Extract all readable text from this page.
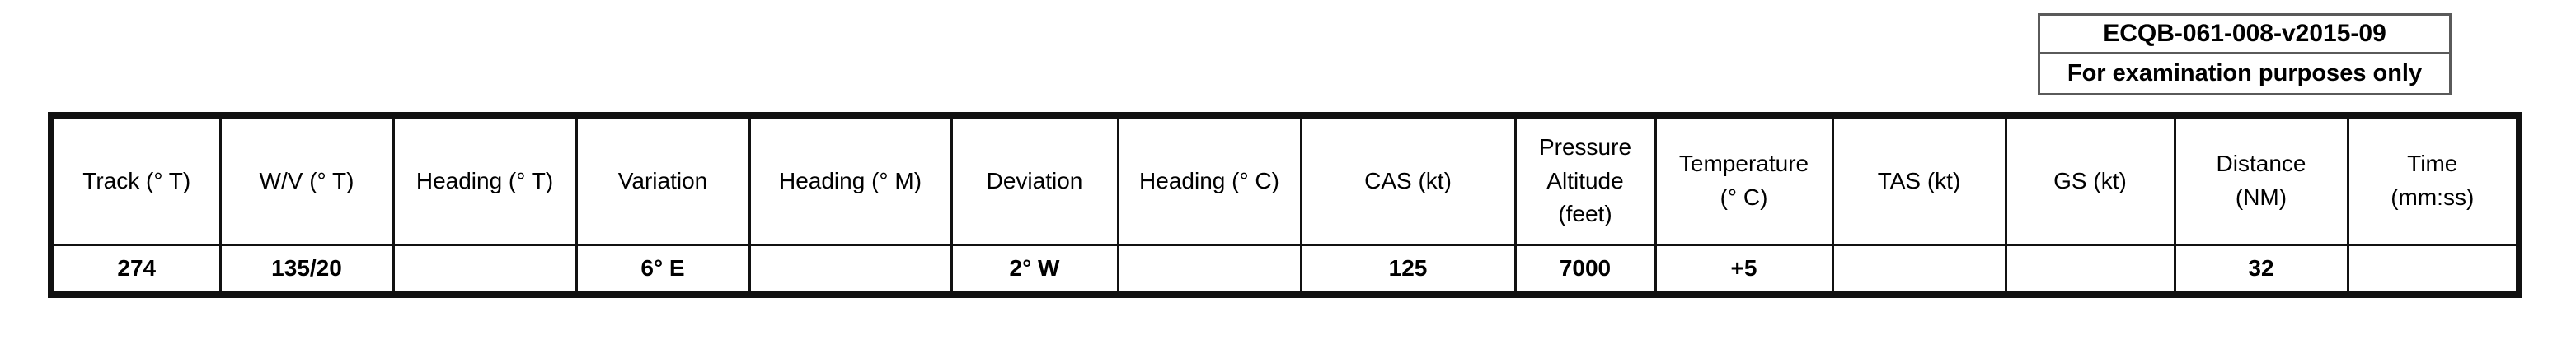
ECQB-061-008-v2015-09
For examination purposes only
Track (° T)	W/V (° T)	Heading (° T)	Variation	Heading (° M)	Deviation	Heading (° C)	CAS (kt)	Pressure
Altitude
(feet)	Temperature
(° C)	TAS (kt)	GS (kt)	Distance
(NM)	Time
(mm:ss)
274	135/20		6° E		2° W		125	7000	+5			32	
